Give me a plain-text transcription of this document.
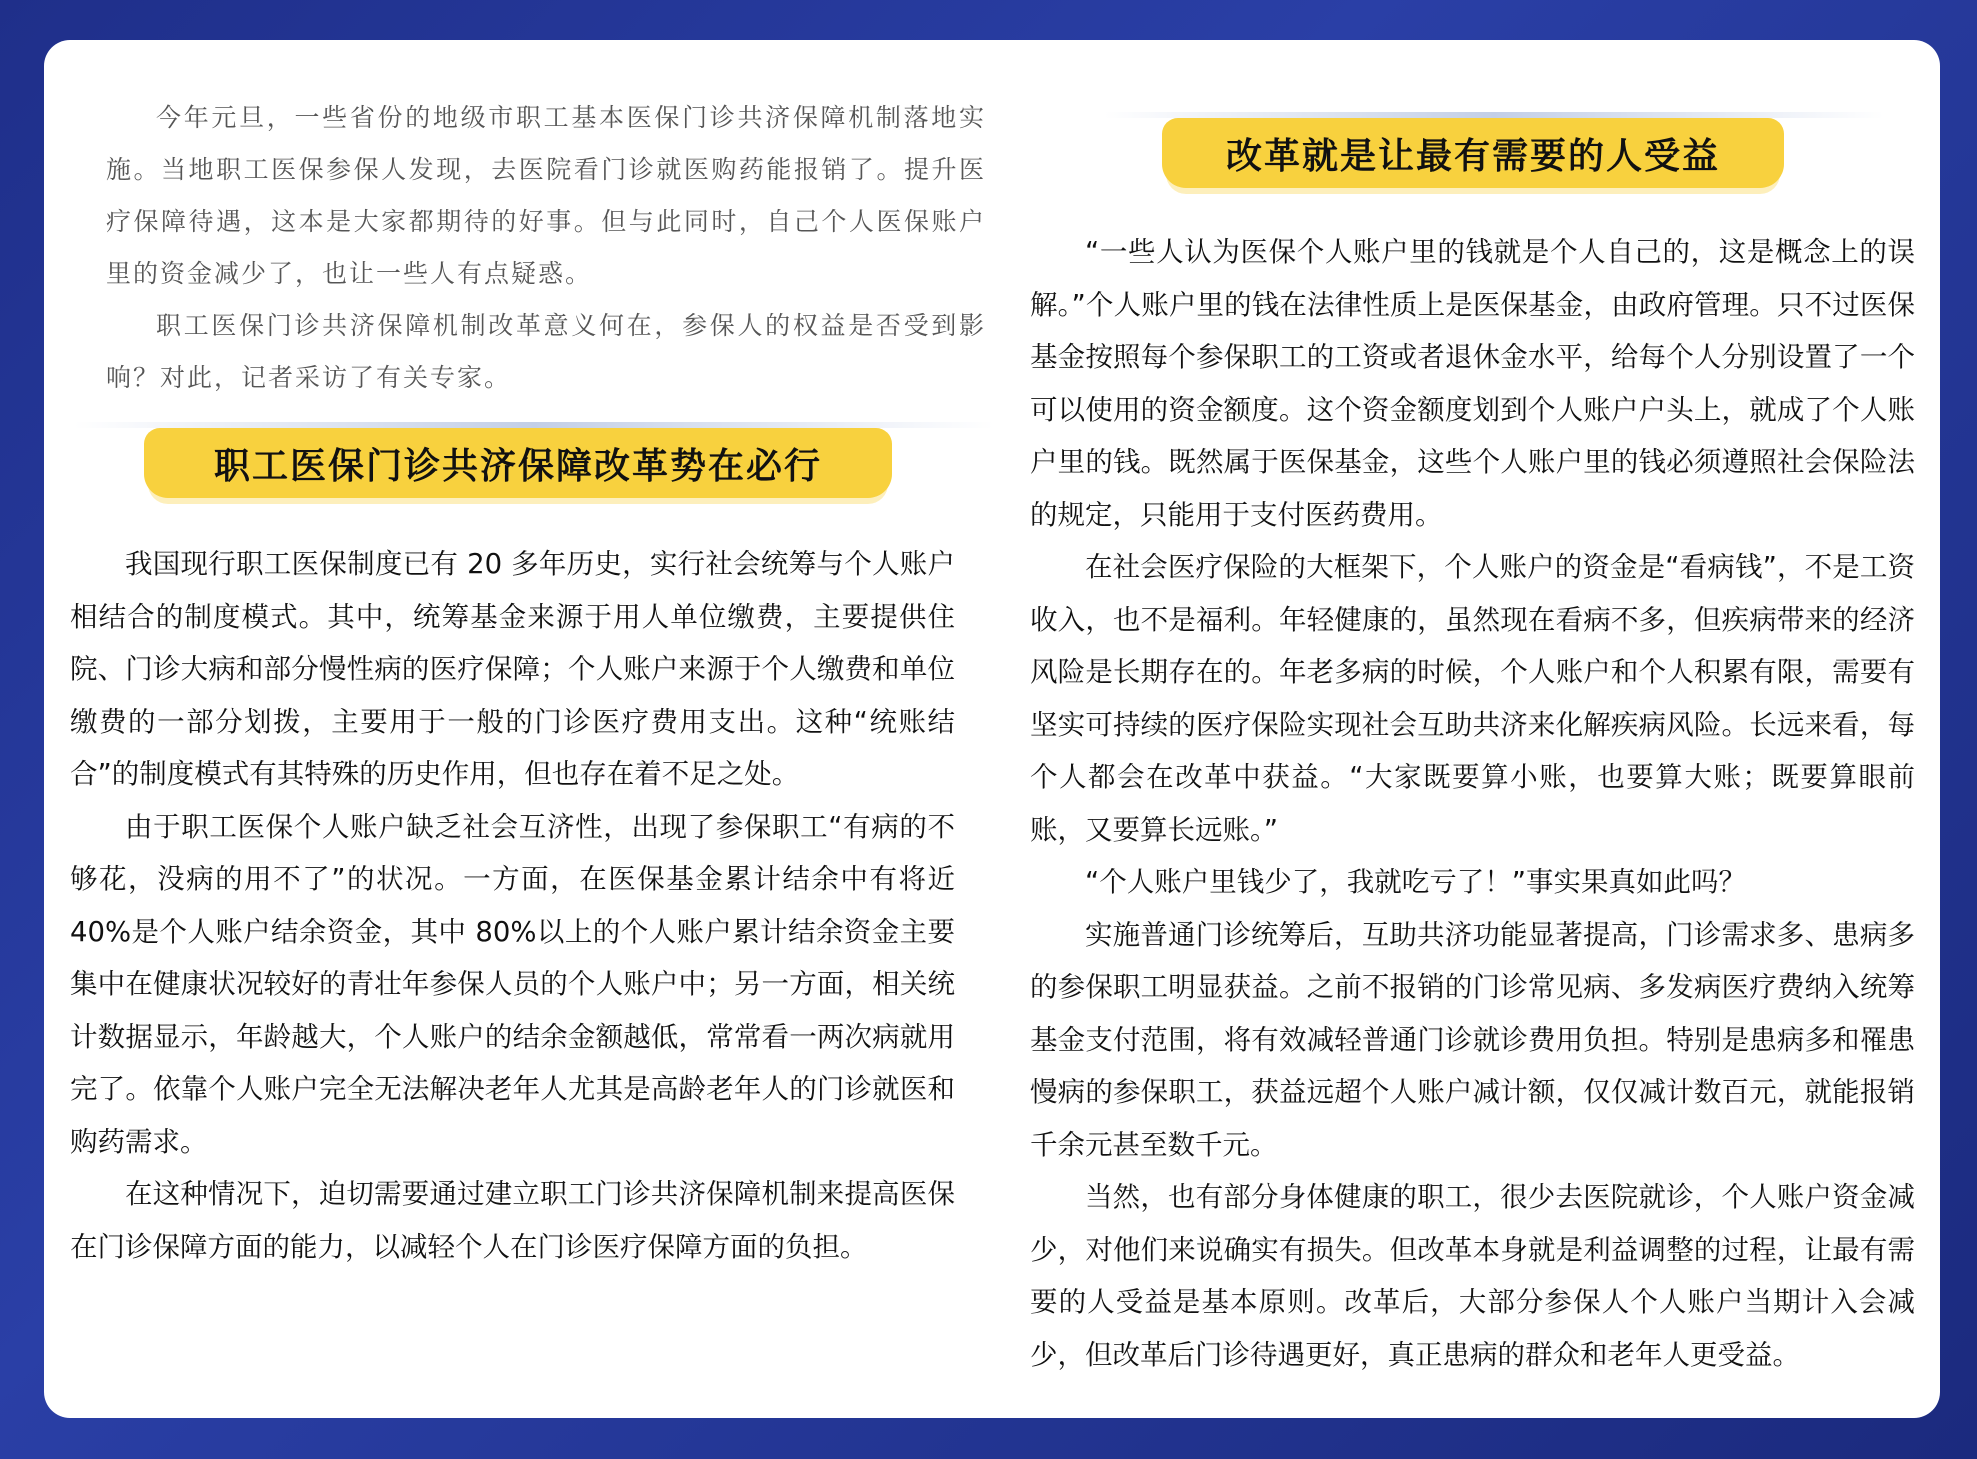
今年元旦，一些省份的地级市职工基本医保门诊共济保障机制落地实施。当地职工医保参保人发现，去医院看门诊就医购药能报销了。提升医疗保障待遇，这本是大家都期待的好事。但与此同时，自己个人医保账户里的资金减少了，也让一些人有点疑惑。

职工医保门诊共济保障机制改革意义何在，参保人的权益是否受到影响？对此，记者采访了有关专家。

职工医保门诊共济保障改革势在必行

我国现行职工医保制度已有 20 多年历史，实行社会统筹与个人账户相结合的制度模式。其中，统筹基金来源于用人单位缴费，主要提供住院、门诊大病和部分慢性病的医疗保障；个人账户来源于个人缴费和单位缴费的一部分划拨，主要用于一般的门诊医疗费用支出。这种“统账结合”的制度模式有其特殊的历史作用，但也存在着不足之处。

由于职工医保个人账户缺乏社会互济性，出现了参保职工“有病的不够花，没病的用不了”的状况。一方面，在医保基金累计结余中有将近 40%是个人账户结余资金，其中 80%以上的个人账户累计结余资金主要集中在健康状况较好的青壮年参保人员的个人账户中；另一方面，相关统计数据显示，年龄越大，个人账户的结余金额越低，常常看一两次病就用完了。依靠个人账户完全无法解决老年人尤其是高龄老年人的门诊就医和购药需求。

在这种情况下，迫切需要通过建立职工门诊共济保障机制来提高医保在门诊保障方面的能力，以减轻个人在门诊医疗保障方面的负担。

改革就是让最有需要的人受益

“一些人认为医保个人账户里的钱就是个人自己的，这是概念上的误解。”个人账户里的钱在法律性质上是医保基金，由政府管理。只不过医保基金按照每个参保职工的工资或者退休金水平，给每个人分别设置了一个可以使用的资金额度。这个资金额度划到个人账户户头上，就成了个人账户里的钱。既然属于医保基金，这些个人账户里的钱必须遵照社会保险法的规定，只能用于支付医药费用。

在社会医疗保险的大框架下，个人账户的资金是“看病钱”，不是工资收入，也不是福利。年轻健康的，虽然现在看病不多，但疾病带来的经济风险是长期存在的。年老多病的时候，个人账户和个人积累有限，需要有坚实可持续的医疗保险实现社会互助共济来化解疾病风险。长远来看，每个人都会在改革中获益。“大家既要算小账，也要算大账；既要算眼前账，又要算长远账。”

“个人账户里钱少了，我就吃亏了！”事实果真如此吗？

实施普通门诊统筹后，互助共济功能显著提高，门诊需求多、患病多的参保职工明显获益。之前不报销的门诊常见病、多发病医疗费纳入统筹基金支付范围，将有效减轻普通门诊就诊费用负担。特别是患病多和罹患慢病的参保职工，获益远超个人账户减计额，仅仅减计数百元，就能报销千余元甚至数千元。

当然，也有部分身体健康的职工，很少去医院就诊，个人账户资金减少，对他们来说确实有损失。但改革本身就是利益调整的过程，让最有需要的人受益是基本原则。改革后，大部分参保人个人账户当期计入会减少，但改革后门诊待遇更好，真正患病的群众和老年人更受益。
